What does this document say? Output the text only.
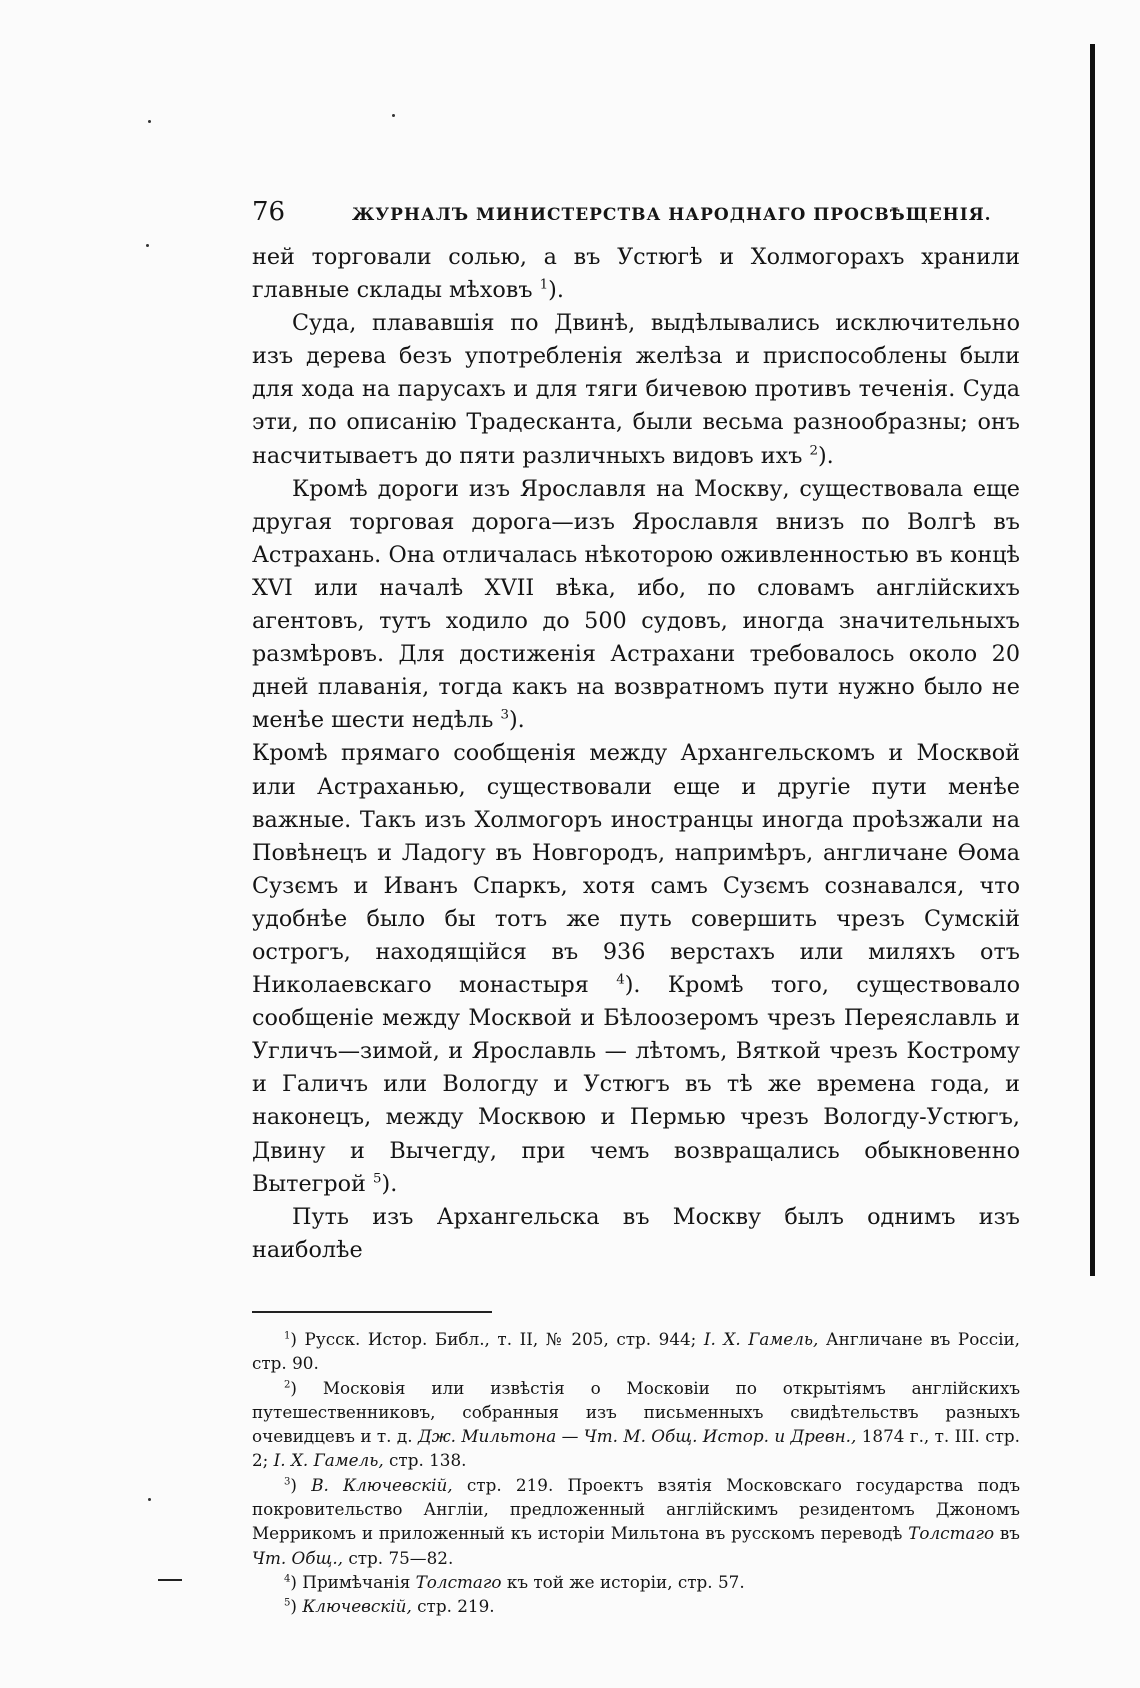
76	ЖУРНАЛЪ МИНИСТЕРСТВА НАРОДНАГО ПРОСВѢЩЕНІЯ.

ней торговали солью, а въ Устюгѣ и Холмогорахъ хранили главные склады мѣховъ $^1$).

Суда, плававшія по Двинѣ, выдѣлывались исключительно изъ дерева безъ употребленія желѣза и приспособлены были для хода на парусахъ и для тяги бичевою противъ теченія. Суда эти, по описанію Традесканта, были весьма разнообразны; онъ насчитываетъ до пяти различныхъ видовъ ихъ $^2$).

Кромѣ дороги изъ Ярославля на Москву, существовала еще другая торговая дорога—изъ Ярославля внизъ по Волгѣ въ Астрахань. Она отличалась нѣкоторою оживленностью въ концѣ XVI или началѣ XVII вѣка, ибо, по словамъ англійскихъ агентовъ, тутъ ходило до 500 судовъ, иногда значительныхъ размѣровъ. Для достиженія Астрахани требовалось около 20 дней плаванія, тогда какъ на возвратномъ пути нужно было не менѣе шести недѣль $^3$).

Кромѣ прямаго сообщенія между Архангельскомъ и Москвой или Астраханью, существовали еще и другіе пути менѣе важные. Такъ изъ Холмогоръ иностранцы иногда проѣзжали на Повѣнецъ и Ладогу въ Новгородъ, напримѣръ, англичане Ѳома Сузємъ и Иванъ Спаркъ, хотя самъ Сузємъ сознавался, что удобнѣе было бы тотъ же путь совершить чрезъ Сумскій острогъ, находящійся въ 936 верстахъ или миляхъ отъ Николаевскаго монастыря $^4$). Кромѣ того, существовало сообщеніе между Москвой и Бѣлоозеромъ чрезъ Переяславль и Угличъ—зимой, и Ярославль — лѣтомъ, Вяткой чрезъ Кострому и Галичъ или Вологду и Устюгъ въ тѣ же времена года, и наконецъ, между Москвою и Пермью чрезъ Вологду-Устюгъ, Двину и Вычегду, при чемъ возвращались обыкновенно Вытегрой $^5$).

Путь изъ Архангельска въ Москву былъ однимъ изъ наиболѣе

$^1$) Русск. Истор. Библ., т. II, № 205, стр. 944; I. X. Гамель, Англичане въ Россіи, стр. 90.

$^2$) Московія или извѣстія о Московіи по открытіямъ англійскихъ путешественниковъ, собранныя изъ письменныхъ свидѣтельствъ разныхъ очевидцевъ и т. д. Дж. Мильтона — Чт. М. Общ. Истор. и Древн., 1874 г., т. III. стр. 2; I. X. Гамель, стр. 138.

$^3$) В. Ключевскій, стр. 219. Проектъ взятія Московскаго государства подъ покровительство Англіи, предложенный англійскимъ резидентомъ Джономъ Меррикомъ и приложенный къ исторіи Мильтона въ русскомъ переводѣ Толстаго въ Чт. Общ., стр. 75—82.

$^4$) Примѣчанія Толстаго къ той же исторіи, стр. 57.

$^5$) Ключевскій, стр. 219.
